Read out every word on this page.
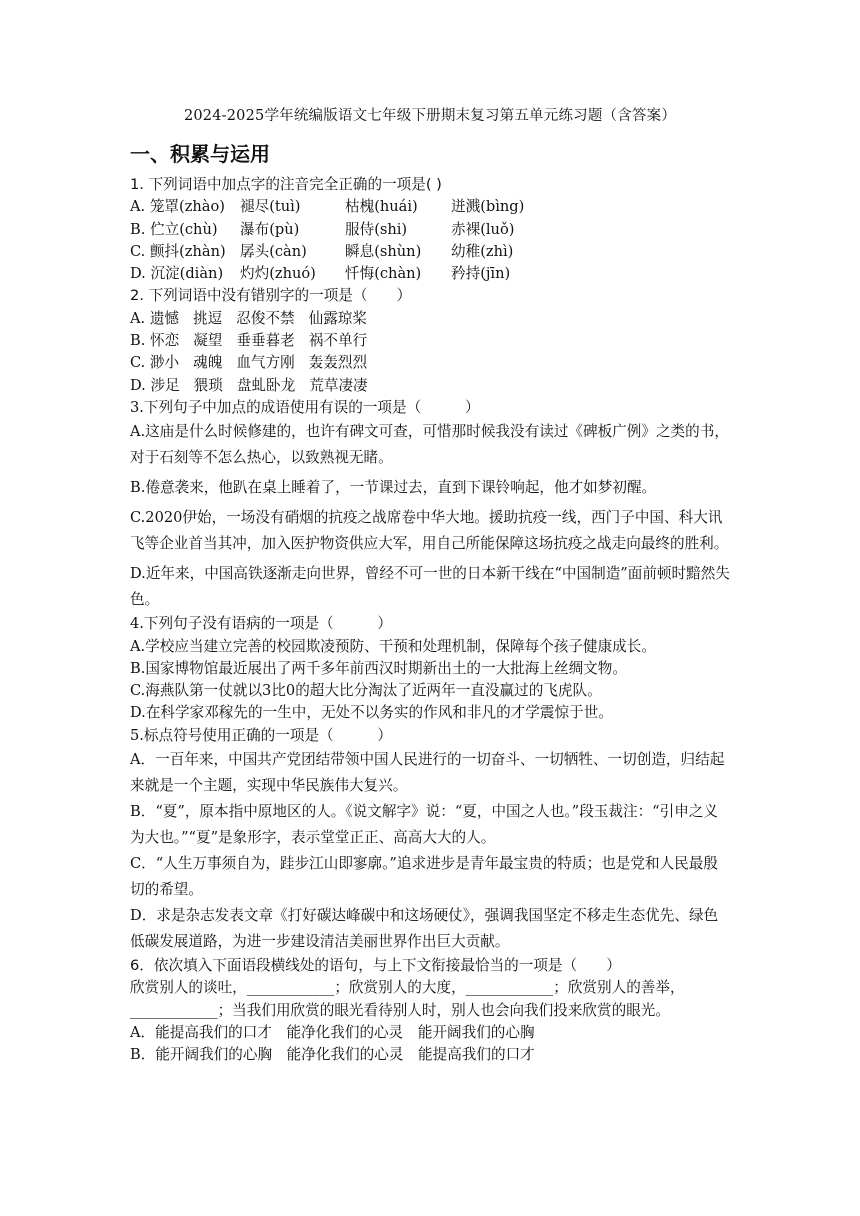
2024-2025学年统编版语文七年级下册期末复习第五单元练习题（含答案）
一、积累与运用
1. 下列词语中加点字的注音完全正确的一项是( )
A. 笼罩(zhào) 褪尽(tuì)	枯槐(huái) 迸溅(bìng)
B. 伫立(chù) 瀑布(pù)	服侍(shi)	赤裸(luǒ)
C. 颤抖(zhàn) 孱头(càn)	瞬息(shùn) 幼稚(zhì)
D. 沉淀(diàn) 灼灼(zhuó) 忏悔(chàn) 矜持(jīn)
2. 下列词语中没有错别字的一项是（　　）
A. 遗憾 挑逗 忍俊不禁 仙露琼桨
B. 怀恋 凝望 垂垂暮老 祸不单行
C. 渺小 魂魄 血气方刚 轰轰烈烈
D. 涉足 猥琐 盘虬卧龙 荒草凄凄
3.下列句子中加点的成语使用有误的一项是（　　　）
A.这庙是什么时候修建的，也许有碑文可查，可惜那时候我没有读过《碑板广例》之类的书，对于石刻等不怎么热心，以致熟视无睹。
B.倦意袭来，他趴在桌上睡着了，一节课过去，直到下课铃响起，他才如梦初醒。
C.2020伊始，一场没有硝烟的抗疫之战席卷中华大地。援助抗疫一线，西门子中国、科大讯飞等企业首当其冲，加入医护物资供应大军，用自己所能保障这场抗疫之战走向最终的胜利。
D.近年来，中国高铁逐渐走向世界，曾经不可一世的日本新干线在“中国制造”面前顿时黯然失色。
4.下列句子没有语病的一项是（　　　）
A.学校应当建立完善的校园欺凌预防、干预和处理机制，保障每个孩子健康成长。
B.国家博物馆最近展出了两千多年前西汉时期新出土的一大批海上丝绸文物。
C.海燕队第一仗就以3比0的超大比分淘汰了近两年一直没赢过的飞虎队。
D.在科学家邓稼先的一生中，无处不以务实的作风和非凡的才学震惊于世。
5.标点符号使用正确的一项是（　　　）
A．一百年来，中国共产党团结带领中国人民进行的一切奋斗、一切牺牲、一切创造，归结起来就是一个主题，实现中华民族伟大复兴。
B．“夏”，原本指中原地区的人。《说文解字》说：“夏，中国之人也。”段玉裁注：“引申之义为大也。”“夏”是象形字，表示堂堂正正、高高大大的人。
C．“人生万事须自为，跬步江山即寥廓。”追求进步是青年最宝贵的特质；也是党和人民最殷切的希望。
D．求是杂志发表文章《打好碳达峰碳中和这场硬仗》，强调我国坚定不移走生态优先、绿色低碳发展道路，为进一步建设清洁美丽世界作出巨大贡献。
6．依次填入下面语段横线处的语句，与上下文衔接最恰当的一项是（　　）
欣赏别人的谈吐，____________；欣赏别人的大度，____________；欣赏别人的善举，____________；当我们用欣赏的眼光看待别人时，别人也会向我们投来欣赏的眼光。
A．能提高我们的口才　能净化我们的心灵　能开阔我们的心胸
B．能开阔我们的心胸　能净化我们的心灵　能提高我们的口才
